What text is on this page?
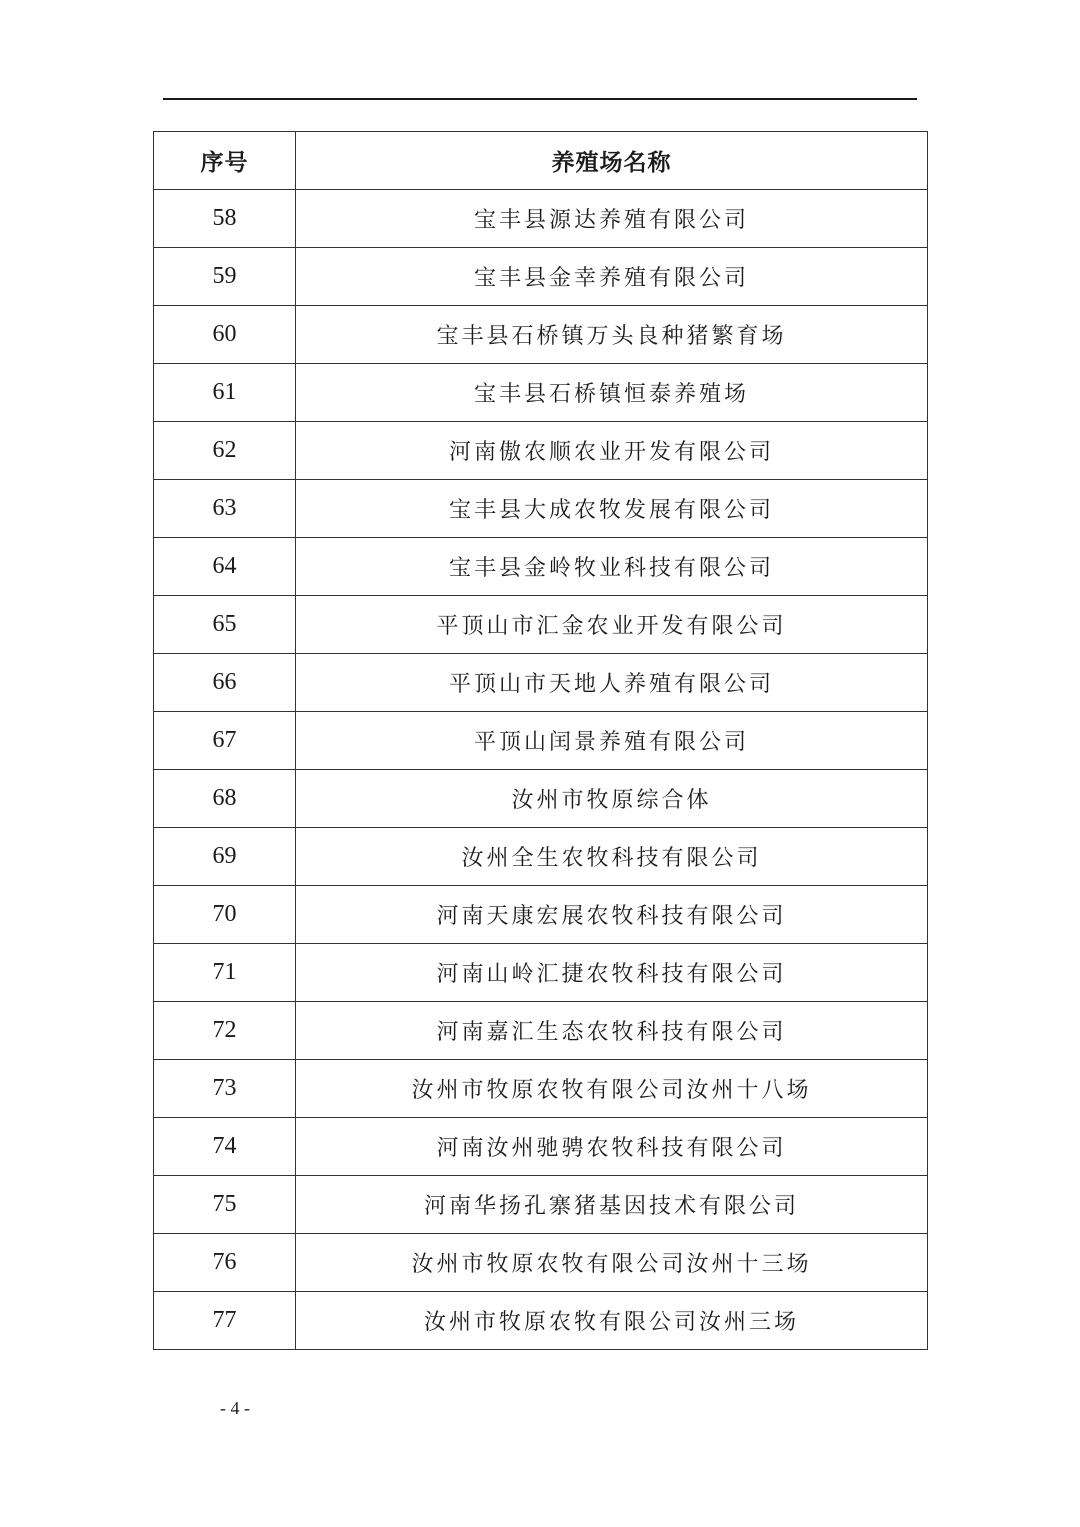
序号	养殖场名称
58	宝丰县源达养殖有限公司
59	宝丰县金幸养殖有限公司
60	宝丰县石桥镇万头良种猪繁育场
61	宝丰县石桥镇恒泰养殖场
62	河南傲农顺农业开发有限公司
63	宝丰县大成农牧发展有限公司
64	宝丰县金岭牧业科技有限公司
65	平顶山市汇金农业开发有限公司
66	平顶山市天地人养殖有限公司
67	平顶山闰景养殖有限公司
68	汝州市牧原综合体
69	汝州全生农牧科技有限公司
70	河南天康宏展农牧科技有限公司
71	河南山岭汇捷农牧科技有限公司
72	河南嘉汇生态农牧科技有限公司
73	汝州市牧原农牧有限公司汝州十八场
74	河南汝州驰骋农牧科技有限公司
75	河南华扬孔寨猪基因技术有限公司
76	汝州市牧原农牧有限公司汝州十三场
77	汝州市牧原农牧有限公司汝州三场
- 4 -
